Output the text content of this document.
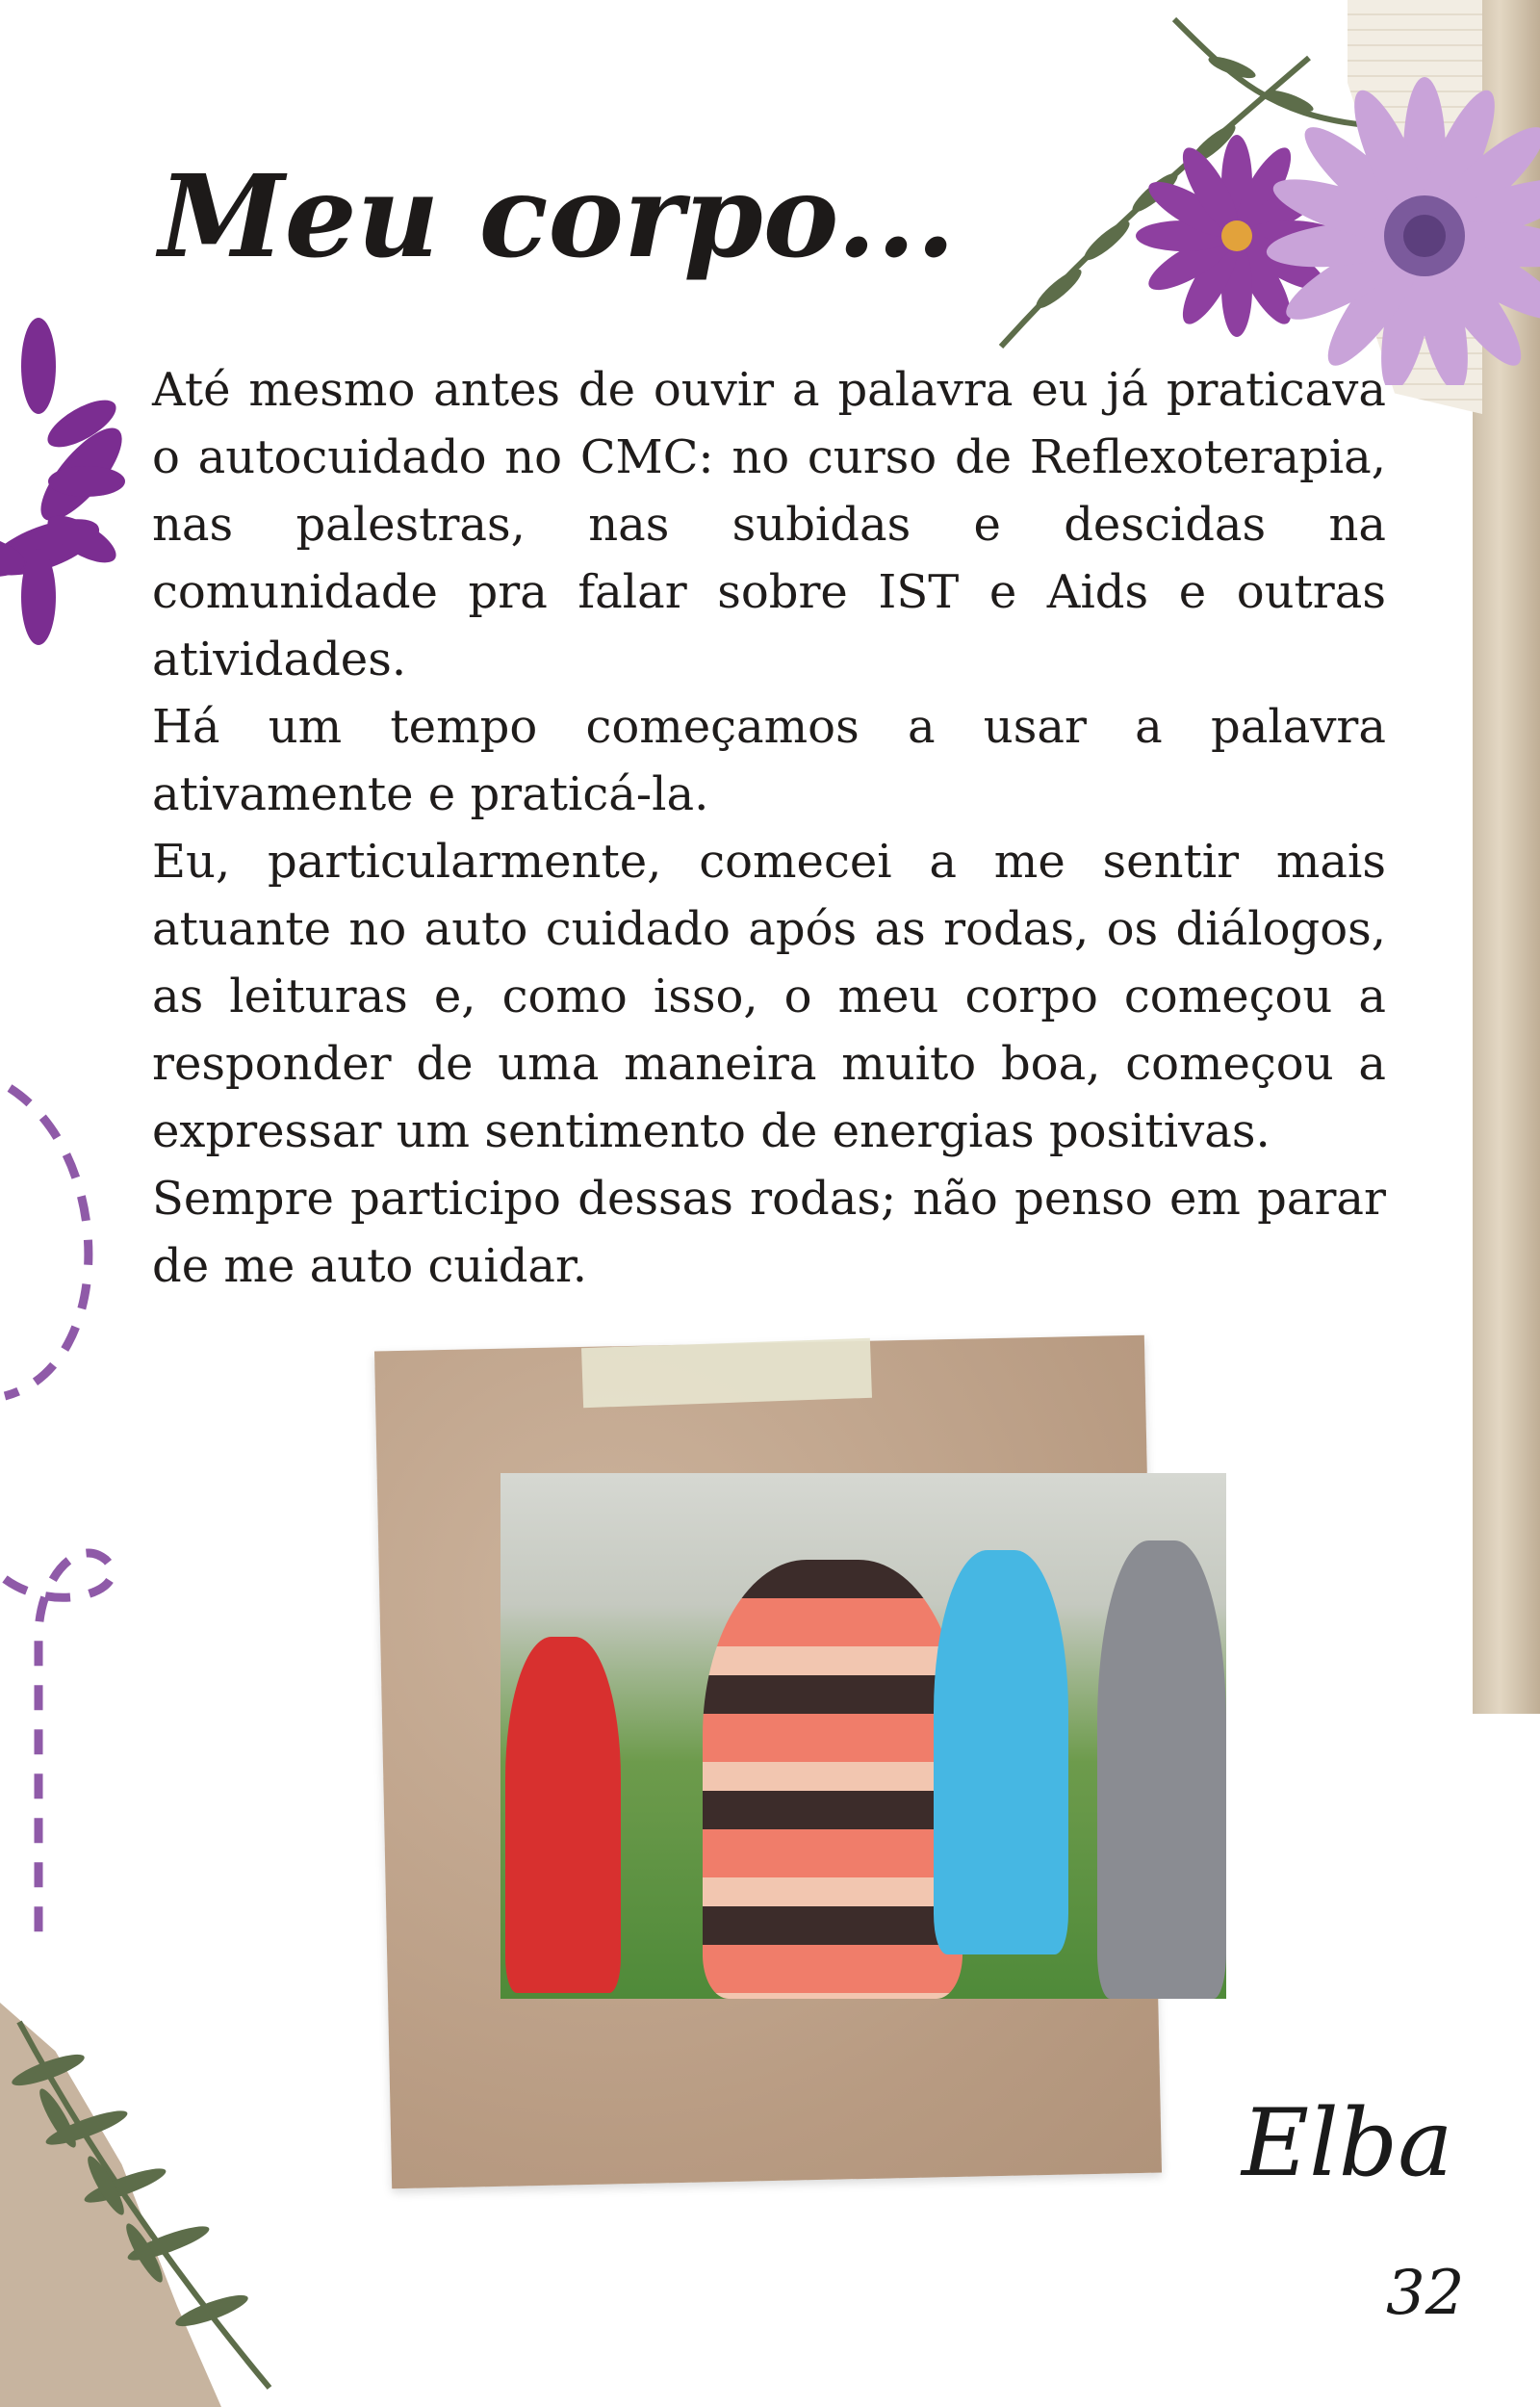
Meu corpo...

Até mesmo antes de ouvir a palavra eu já praticava o autocuidado no CMC: no curso de Reflexoterapia, nas palestras, nas subidas e descidas na comunidade pra falar sobre IST e Aids e outras atividades.

Há um tempo começamos a usar a palavra ativamente e praticá-la.

Eu, particularmente, comecei a me sentir mais atuante no auto cuidado após as rodas, os diálogos, as leituras e, como isso, o meu corpo começou a responder de uma maneira muito boa, começou a expressar um sentimento de energias positivas.

Sempre participo dessas rodas; não penso em parar de me auto cuidar.

Elba
32
